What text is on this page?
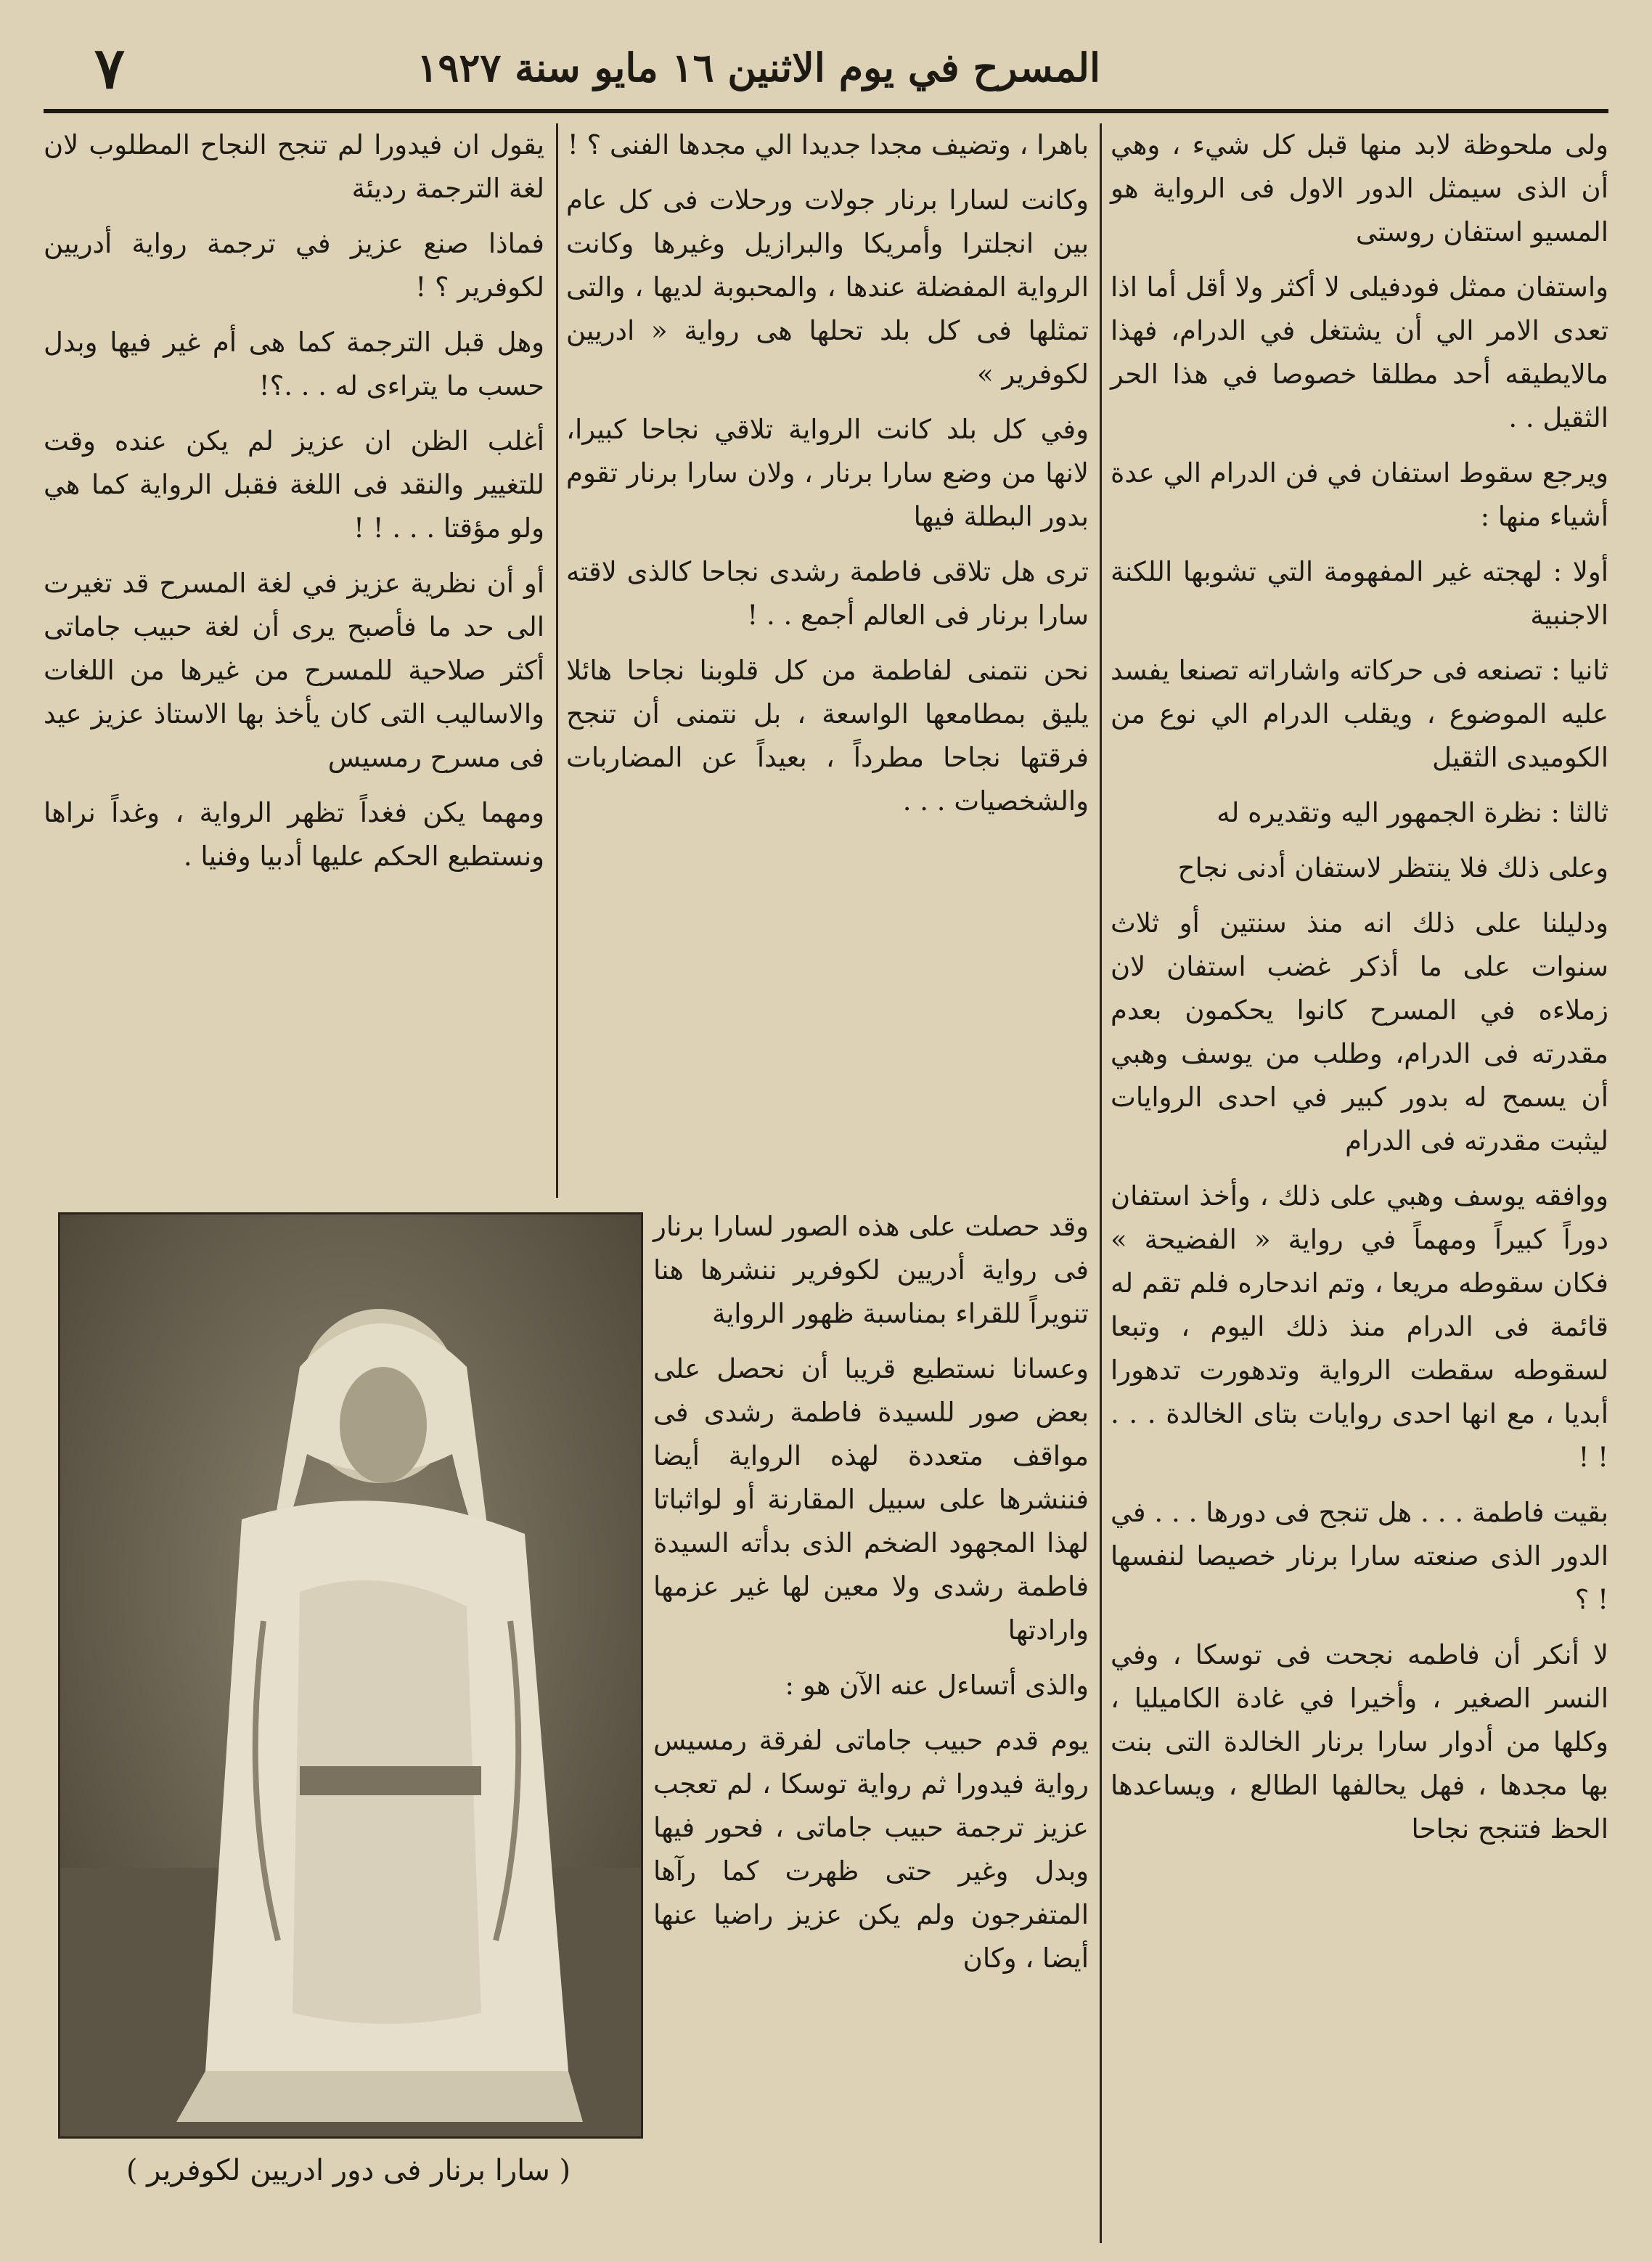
٧	المسرح في يوم الاثنين ١٦ مايو سنة ١٩٢٧

ولى ملحوظة لابد منها قبل كل شيء ، وهي أن الذى سيمثل الدور الاول فى الرواية هو المسيو استفان روستى

واستفان ممثل فودفيلى لا أكثر ولا أقل أما اذا تعدى الامر الي أن يشتغل في الدرام، فهذا مالايطيقه أحد مطلقا خصوصا في هذا الحر الثقيل . .

ويرجع سقوط استفان في فن الدرام الي عدة أشياء منها :

أولا : لهجته غير المفهومة التي تشوبها اللكنة الاجنبية

ثانيا : تصنعه فى حركاته واشاراته تصنعا يفسد عليه الموضوع ، ويقلب الدرام الي نوع من الكوميدى الثقيل

ثالثا : نظرة الجمهور اليه وتقديره له

وعلى ذلك فلا ينتظر لاستفان أدنى نجاح

ودليلنا على ذلك انه منذ سنتين أو ثلاث سنوات على ما أذكر غضب استفان لان زملاءه في المسرح كانوا يحكمون بعدم مقدرته فى الدرام، وطلب من يوسف وهبي أن يسمح له بدور كبير في احدى الروايات ليثبت مقدرته فى الدرام

ووافقه يوسف وهبي على ذلك ، وأخذ استفان دوراً كبيراً ومهماً في رواية « الفضيحة » فكان سقوطه مريعا ، وتم اندحاره فلم تقم له قائمة فى الدرام منذ ذلك اليوم ، وتبعا لسقوطه سقطت الرواية وتدهورت تدهورا أبديا ، مع انها احدى روايات بتاى الخالدة . . . ! !

بقيت فاطمة . . . هل تنجح فى دورها . . . في الدور الذى صنعته سارا برنار خصيصا لنفسها ! ؟

لا أنكر أن فاطمه نجحت فى توسكا ، وفي النسر الصغير ، وأخيرا في غادة الكاميليا ، وكلها من أدوار سارا برنار الخالدة التى بنت بها مجدها ، فهل يحالفها الطالع ، ويساعدها الحظ فتنجح نجاحا

باهرا ، وتضيف مجدا جديدا الي مجدها الفنى ؟ !

وكانت لسارا برنار جولات ورحلات فى كل عام بين انجلترا وأمريكا والبرازيل وغيرها وكانت الرواية المفضلة عندها ، والمحبوبة لديها ، والتى تمثلها فى كل بلد تحلها هى رواية « ادريين لكوفرير »

وفي كل بلد كانت الرواية تلاقي نجاحا كبيرا، لانها من وضع سارا برنار ، ولان سارا برنار تقوم بدور البطلة فيها

ترى هل تلاقى فاطمة رشدى نجاحا كالذى لاقته سارا برنار فى العالم أجمع . . !

نحن نتمنى لفاطمة من كل قلوبنا نجاحا هائلا يليق بمطامعها الواسعة ، بل نتمنى أن تنجح فرقتها نجاحا مطرداً ، بعيداً عن المضاربات والشخصيات . . .

يقول ان فيدورا لم تنجح النجاح المطلوب لان لغة الترجمة رديئة

فماذا صنع عزيز في ترجمة رواية أدريين لكوفرير ؟ !

وهل قبل الترجمة كما هى أم غير فيها وبدل حسب ما يتراءى له . . .؟!

أغلب الظن ان عزيز لم يكن عنده وقت للتغيير والنقد فى اللغة فقبل الرواية كما هي ولو مؤقتا . . . ! !

أو أن نظرية عزيز في لغة المسرح قد تغيرت الى حد ما فأصبح يرى أن لغة حبيب جاماتى أكثر صلاحية للمسرح من غيرها من اللغات والاساليب التى كان يأخذ بها الاستاذ عزيز عيد فى مسرح رمسيس

ومهما يكن فغداً تظهر الرواية ، وغداً نراها ونستطيع الحكم عليها أدبيا وفنيا .

وقد حصلت على هذه الصور لسارا برنار فى رواية أدريين لكوفرير ننشرها هنا تنويراً للقراء بمناسبة ظهور الرواية

وعسانا نستطيع قريبا أن نحصل على بعض صور للسيدة فاطمة رشدى فى مواقف متعددة لهذه الرواية أيضا فننشرها على سبيل المقارنة أو لواثباتا لهذا المجهود الضخم الذى بدأته السيدة فاطمة رشدى ولا معين لها غير عزمها وارادتها

والذى أتساءل عنه الآن هو :

يوم قدم حبيب جاماتى لفرقة رمسيس رواية فيدورا ثم رواية توسكا ، لم تعجب عزيز ترجمة حبيب جاماتى ، فحور فيها وبدل وغير حتى ظهرت كما رآها المتفرجون ولم يكن عزيز راضيا عنها أيضا ، وكان

( سارا برنار فى دور ادريين لكوفرير )
